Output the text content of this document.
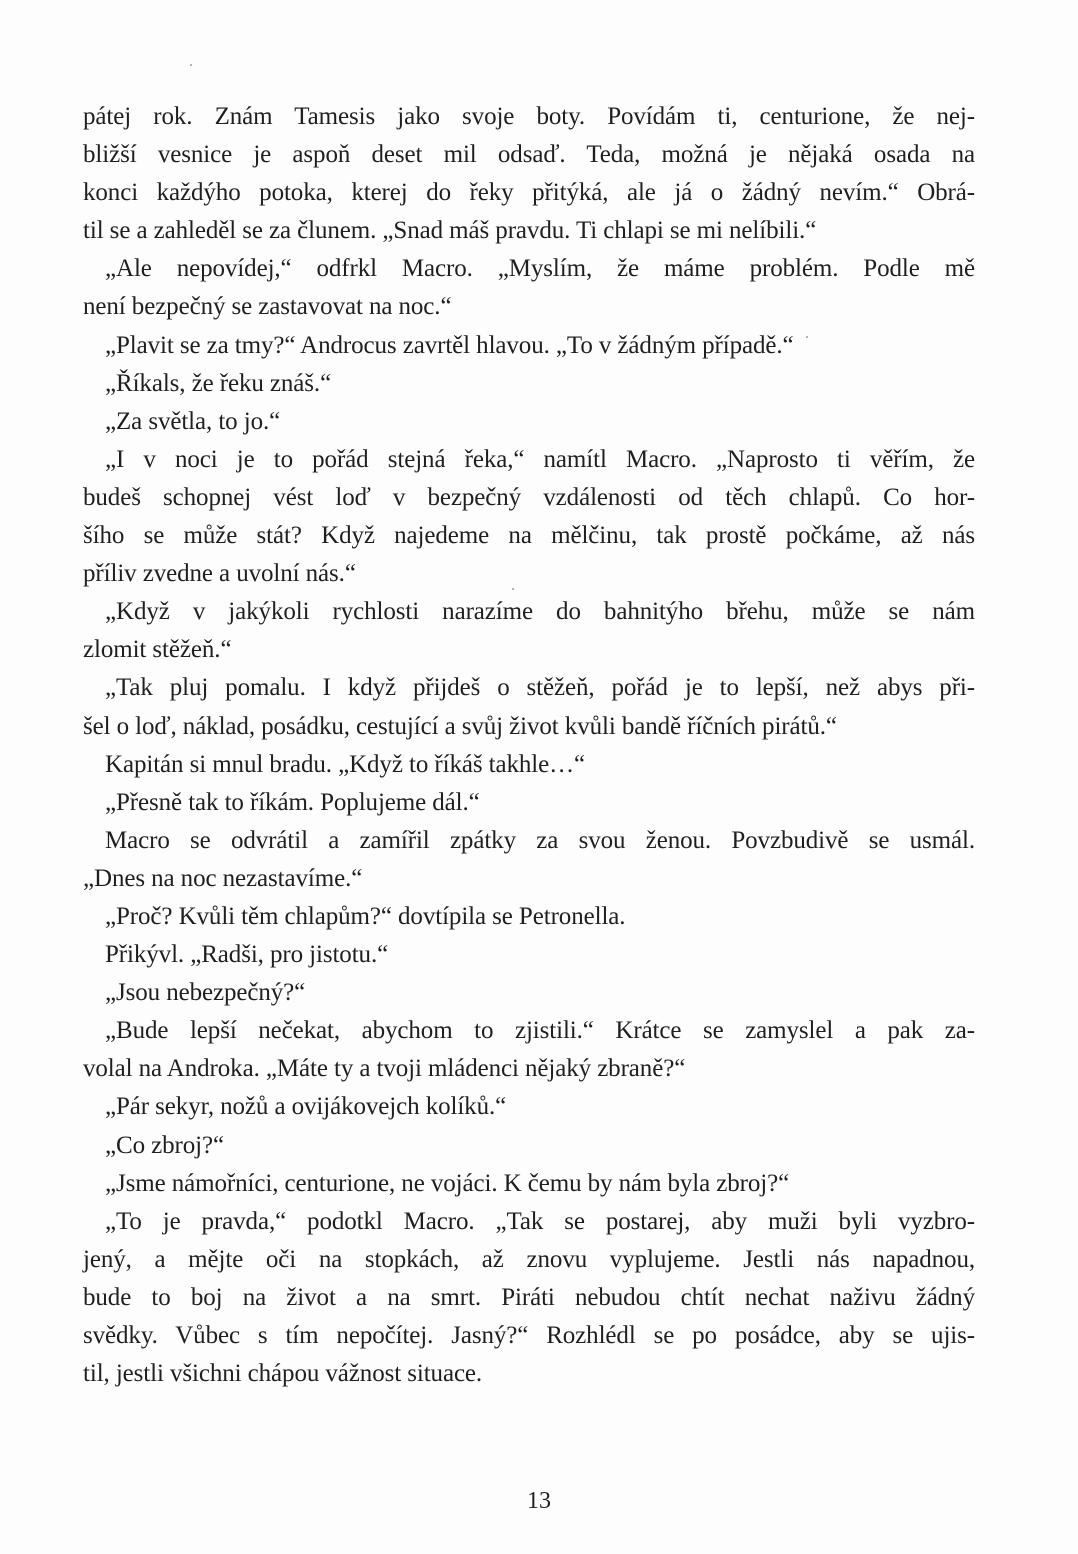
pátej rok. Znám Tamesis jako svoje boty. Povídám ti, centurione, že nej-
bližší vesnice je aspoň deset mil odsaď. Teda, možná je nějaká osada na
konci každýho potoka, kterej do řeky přitýká, ale já o žádný nevím.“ Obrá-
til se a zahleděl se za člunem. „Snad máš pravdu. Ti chlapi se mi nelíbili.“
„Ale nepovídej,“ odfrkl Macro. „Myslím, že máme problém. Podle mě
není bezpečný se zastavovat na noc.“
„Plavit se za tmy?“ Androcus zavrtěl hlavou. „To v žádným případě.“
„Říkals, že řeku znáš.“
„Za světla, to jo.“
„I v noci je to pořád stejná řeka,“ namítl Macro. „Naprosto ti věřím, že
budeš schopnej vést loď v bezpečný vzdálenosti od těch chlapů. Co hor-
šího se může stát? Když najedeme na mělčinu, tak prostě počkáme, až nás
příliv zvedne a uvolní nás.“
„Když v jakýkoli rychlosti narazíme do bahnitýho břehu, může se nám
zlomit stěžeň.“
„Tak pluj pomalu. I když přijdeš o stěžeň, pořád je to lepší, než abys při-
šel o loď, náklad, posádku, cestující a svůj život kvůli bandě říčních pirátů.“
Kapitán si mnul bradu. „Když to říkáš takhle…“
„Přesně tak to říkám. Poplujeme dál.“
Macro se odvrátil a zamířil zpátky za svou ženou. Povzbudivě se usmál.
„Dnes na noc nezastavíme.“
„Proč? Kvůli těm chlapům?“ dovtípila se Petronella.
Přikývl. „Radši, pro jistotu.“
„Jsou nebezpečný?“
„Bude lepší nečekat, abychom to zjistili.“ Krátce se zamyslel a pak za-
volal na Androka. „Máte ty a tvoji mládenci nějaký zbraně?“
„Pár sekyr, nožů a ovijákovejch kolíků.“
„Co zbroj?“
„Jsme námořníci, centurione, ne vojáci. K čemu by nám byla zbroj?“
„To je pravda,“ podotkl Macro. „Tak se postarej, aby muži byli vyzbro-
jený, a mějte oči na stopkách, až znovu vyplujeme. Jestli nás napadnou,
bude to boj na život a na smrt. Piráti nebudou chtít nechat naživu žádný
svědky. Vůbec s tím nepočítej. Jasný?“ Rozhlédl se po posádce, aby se ujis-
til, jestli všichni chápou vážnost situace.
13
